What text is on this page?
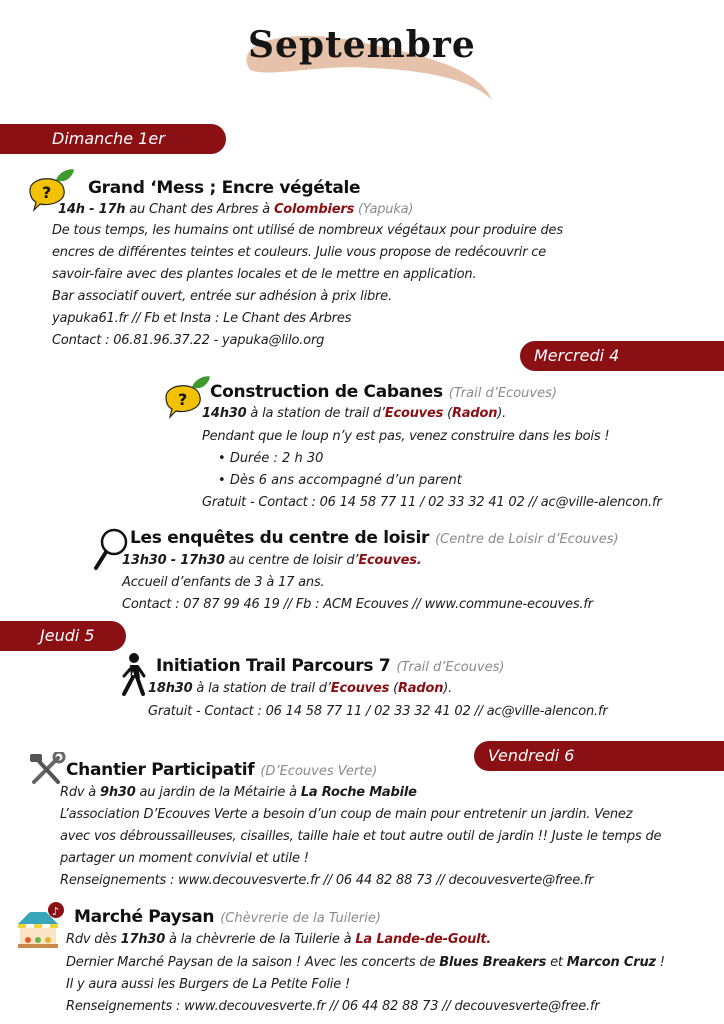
Septembre
Dimanche 1er
? Grand ‘Mess ; Encre végétale
14h - 17h au Chant des Arbres à Colombiers (Yapuka)
De tous temps, les humains ont utilisé de nombreux végétaux pour produire des
encres de différentes teintes et couleurs. Julie vous propose de redécouvrir ce
savoir-faire avec des plantes locales et de le mettre en application.
Bar associatif ouvert, entrée sur adhésion à prix libre.
yapuka61.fr // Fb et Insta : Le Chant des Arbres
Contact : 06.81.96.37.22 - yapuka@lilo.org
Mercredi 4
? Construction de Cabanes (Trail d’Ecouves)
14h30 à la station de trail d’Ecouves (Radon).
Pendant que le loup n’y est pas, venez construire dans les bois !
• Durée : 2 h 30
• Dès 6 ans accompagné d’un parent
Gratuit - Contact : 06 14 58 77 11 / 02 33 32 41 02 // ac@ville-alencon.fr
Les enquêtes du centre de loisir (Centre de Loisir d’Ecouves)
13h30 - 17h30 au centre de loisir d’Ecouves.
Accueil d’enfants de 3 à 17 ans.
Contact : 07 87 99 46 19 // Fb : ACM Ecouves // www.commune-ecouves.fr
Jeudi 5
Initiation Trail Parcours 7 (Trail d’Ecouves)
18h30 à la station de trail d’Ecouves (Radon).
Gratuit - Contact : 06 14 58 77 11 / 02 33 32 41 02 // ac@ville-alencon.fr
Vendredi 6
Chantier Participatif (D’Ecouves Verte)
Rdv à 9h30 au jardin de la Métairie à La Roche Mabile
L’association D’Ecouves Verte a besoin d’un coup de main pour entretenir un jardin. Venez
avec vos débroussailleuses, cisailles, taille haie et tout autre outil de jardin !! Juste le temps de
partager un moment convivial et utile !
Renseignements : www.decouvesverte.fr // 06 44 82 88 73 // decouvesverte@free.fr
♪ Marché Paysan (Chèvrerie de la Tuilerie)
Rdv dès 17h30 à la chèvrerie de la Tuilerie à La Lande-de-Goult.
Dernier Marché Paysan de la saison ! Avec les concerts de Blues Breakers et Marcon Cruz !
Il y aura aussi les Burgers de La Petite Folie !
Renseignements : www.decouvesverte.fr // 06 44 82 88 73 // decouvesverte@free.fr
